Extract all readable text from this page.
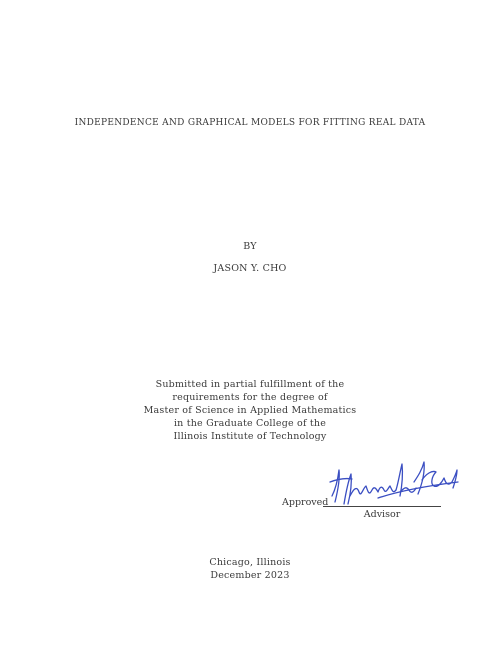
INDEPENDENCE AND GRAPHICAL MODELS FOR FITTING REAL DATA
BY
JASON Y. CHO
Submitted in partial fulfillment of the
requirements for the degree of
Master of Science in Applied Mathematics
in the Graduate College of the
Illinois Institute of Technology
Approved
Advisor
Chicago, Illinois
December 2023
